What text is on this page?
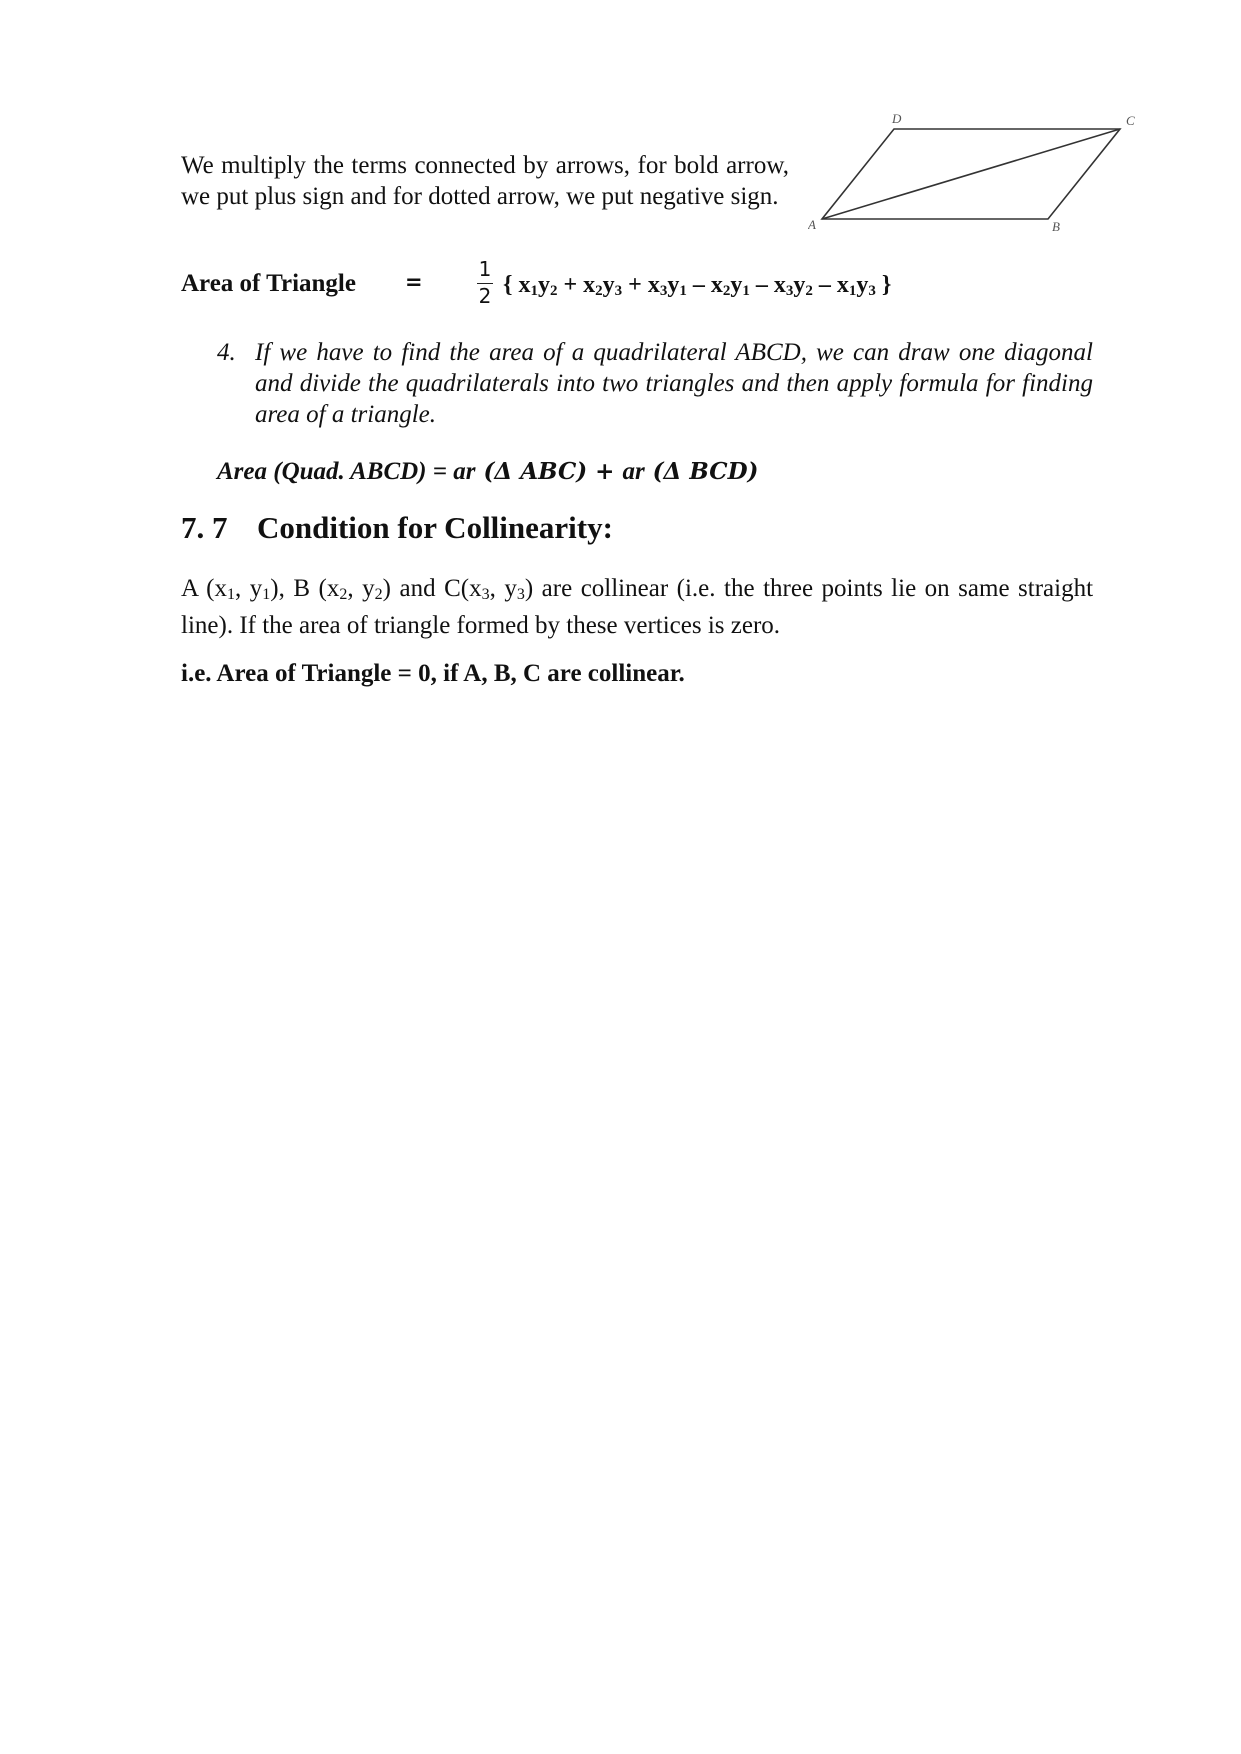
We multiply the terms connected by arrows, for bold arrow, we put plus sign and for dotted arrow, we put negative sign.
A	B
C
D
Area of Triangle =
1
2 { $x_1y_2 + x_2y_3 + x_3y_1 - x_2y_1 - x_3y_2 - x_1y_3$ }
4. If we have to find the area of a quadrilateral ABCD, we can draw one diagonal and divide the quadrilaterals into two triangles and then apply formula for finding area of a triangle.
Area (Quad. ABCD) = ar (Δ ABC) + ar (Δ BCD)
7. 7 Condition for Collinearity:
A ($x_1$, $y_1$), B ($x_2$, $y_2$) and $C(x_3$, $y_3$) are collinear (i.e. the three points lie on same straight line). If the area of triangle formed by these vertices is zero.
i.e. Area of Triangle = 0, if A, B, C are collinear.
